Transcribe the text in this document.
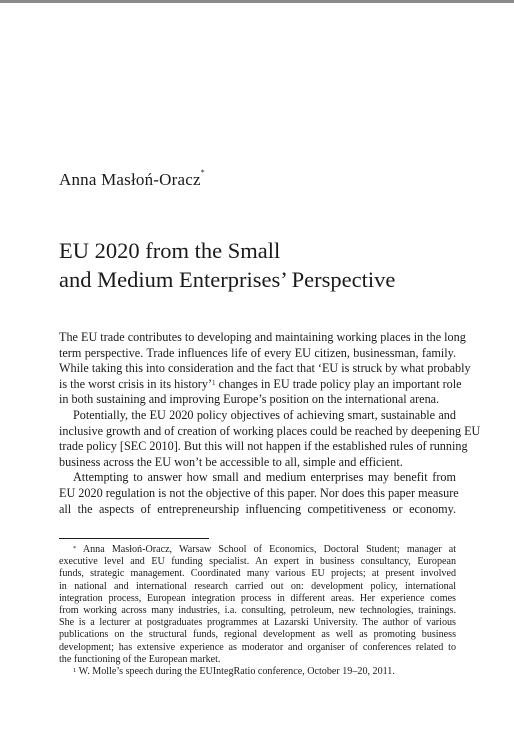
Anna Masłoń-Oracz*
EU 2020 from the Small
and Medium Enterprises’ Perspective

The EU trade contributes to developing and maintaining working places in the long
term perspective. Trade influences life of every EU citizen, businessman, family.
While taking this into consideration and the fact that ‘EU is struck by what probably
is the worst crisis in its history’$^1$ changes in EU trade policy play an important role
in both sustaining and improving Europe’s position on the international arena.

Potentially, the EU 2020 policy objectives of achieving smart, sustainable and
inclusive growth and of creation of working places could be reached by deepening EU
trade policy [SEC 2010]. But this will not happen if the established rules of running
business across the EU won’t be accessible to all, simple and efficient.

Attempting to answer how small and medium enterprises may benefit from
EU 2020 regulation is not the objective of this paper. Nor does this paper measure
all the aspects of entrepreneurship influencing competitiveness or economy.

* Anna Masłoń-Oracz, Warsaw School of Economics, Doctoral Student; manager at
executive level and EU funding specialist. An expert in business consultancy, European
funds, strategic management. Coordinated many various EU projects; at present involved
in national and international research carried out on: development policy, international
integration process, European integration process in different areas. Her experience comes
from working across many industries, i.a. consulting, petroleum, new technologies, trainings.
She is a lecturer at postgraduates programmes at Lazarski University. The author of various
publications on the structural funds, regional development as well as promoting business
development; has extensive experience as moderator and organiser of conferences related to
the functioning of the European market.
$^1$ W. Molle’s speech during the EUIntegRatio conference, October 19–20, 2011.
